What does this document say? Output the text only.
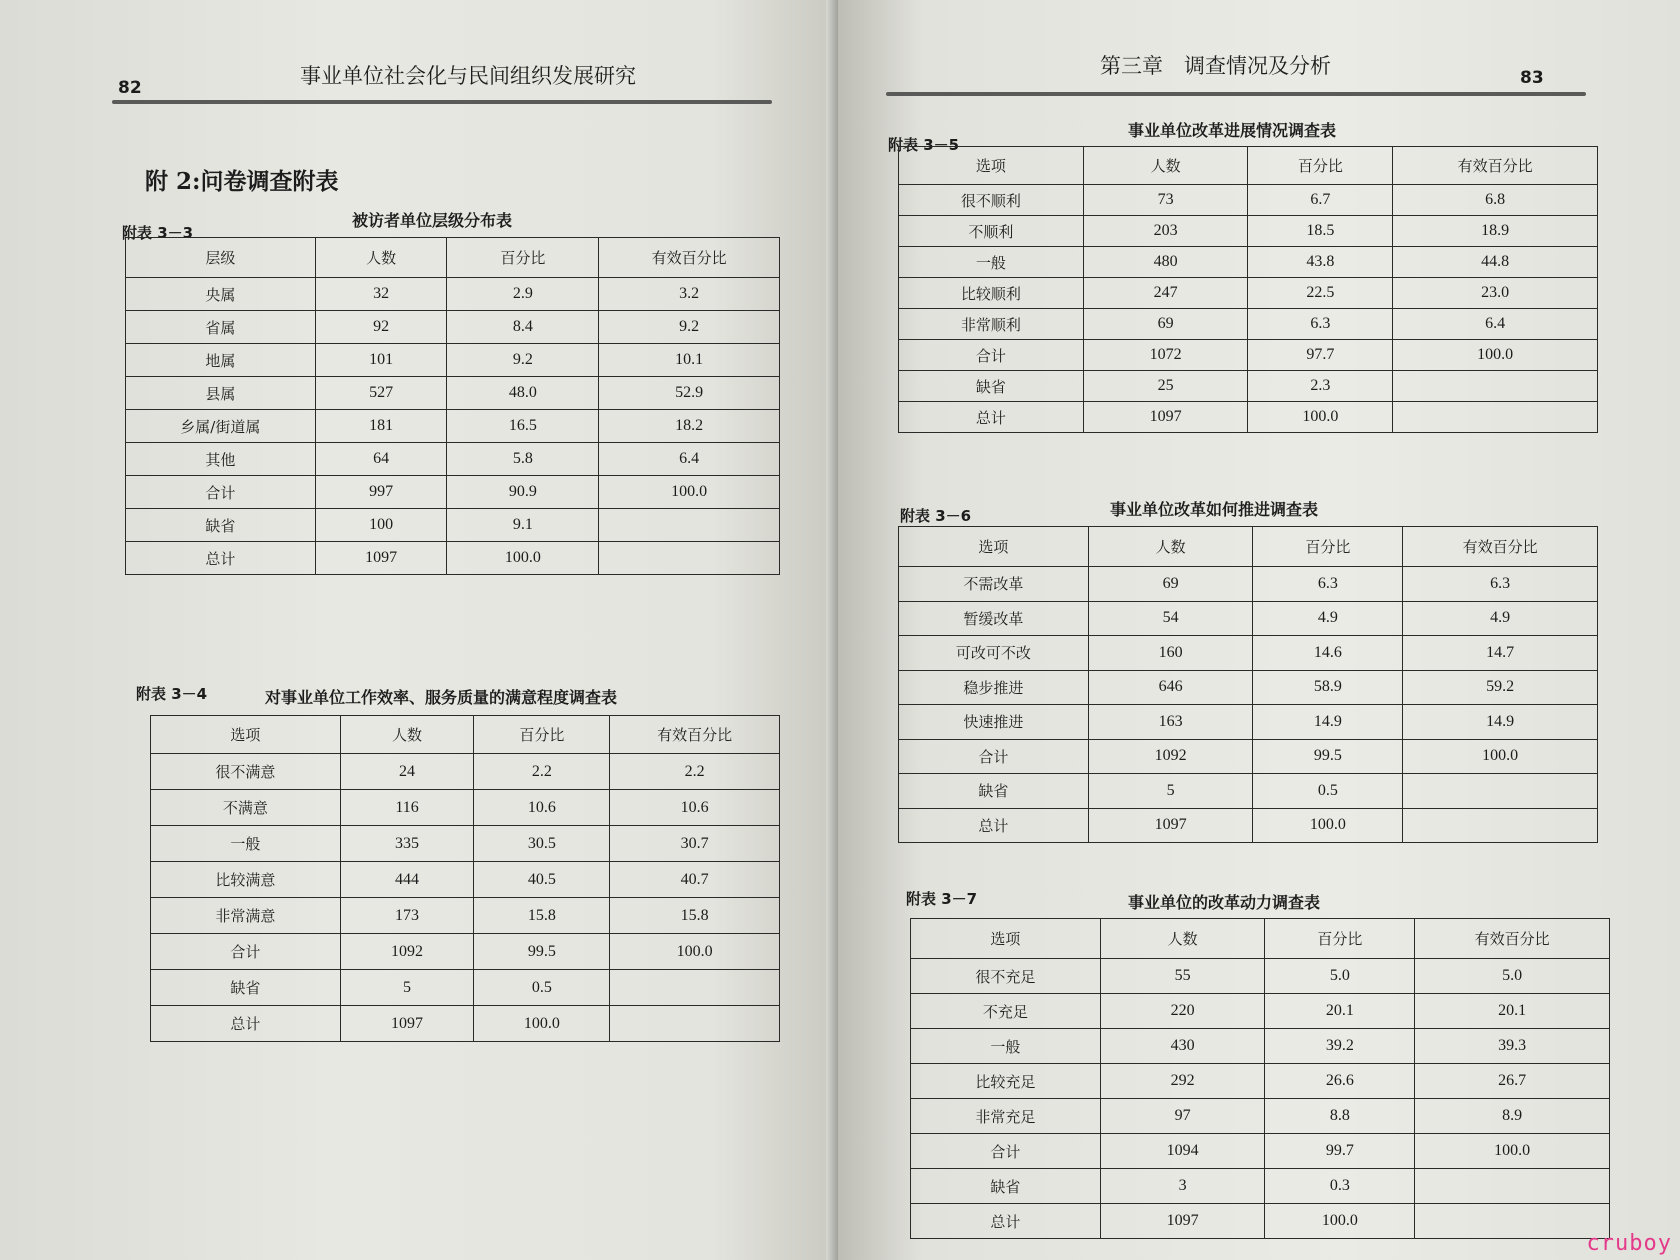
82	事业单位社会化与民间组织发展研究
附 2:问卷调查附表
附表 3－3
被访者单位层级分布表
层级	人数	百分比	有效百分比
央属	32	2.9	3.2
省属	92	8.4	9.2
地属	101	9.2	10.1
县属	527	48.0	52.9
乡属/街道属	181	16.5	18.2
其他	64	5.8	6.4
合计	997	90.9	100.0
缺省	100	9.1	
总计	1097	100.0	
附表 3－4	对事业单位工作效率、服务质量的满意程度调查表
选项	人数	百分比	有效百分比
很不满意	24	2.2	2.2
不满意	116	10.6	10.6
一般	335	30.5	30.7
比较满意	444	40.5	40.7
非常满意	173	15.8	15.8
合计	1092	99.5	100.0
缺省	5	0.5	
总计	1097	100.0	
第三章　调查情况及分析	83
附表 3－5
事业单位改革进展情况调查表
选项	人数	百分比	有效百分比
很不顺利	73	6.7	6.8
不顺利	203	18.5	18.9
一般	480	43.8	44.8
比较顺利	247	22.5	23.0
非常顺利	69	6.3	6.4
合计	1072	97.7	100.0
缺省	25	2.3	
总计	1097	100.0	
附表 3－6	事业单位改革如何推进调查表
选项	人数	百分比	有效百分比
不需改革	69	6.3	6.3
暂缓改革	54	4.9	4.9
可改可不改	160	14.6	14.7
稳步推进	646	58.9	59.2
快速推进	163	14.9	14.9
合计	1092	99.5	100.0
缺省	5	0.5	
总计	1097	100.0	
附表 3－7	事业单位的改革动力调查表
选项	人数	百分比	有效百分比
很不充足	55	5.0	5.0
不充足	220	20.1	20.1
一般	430	39.2	39.3
比较充足	292	26.6	26.7
非常充足	97	8.8	8.9
合计	1094	99.7	100.0
缺省	3	0.3	
总计	1097	100.0	
cruboy
